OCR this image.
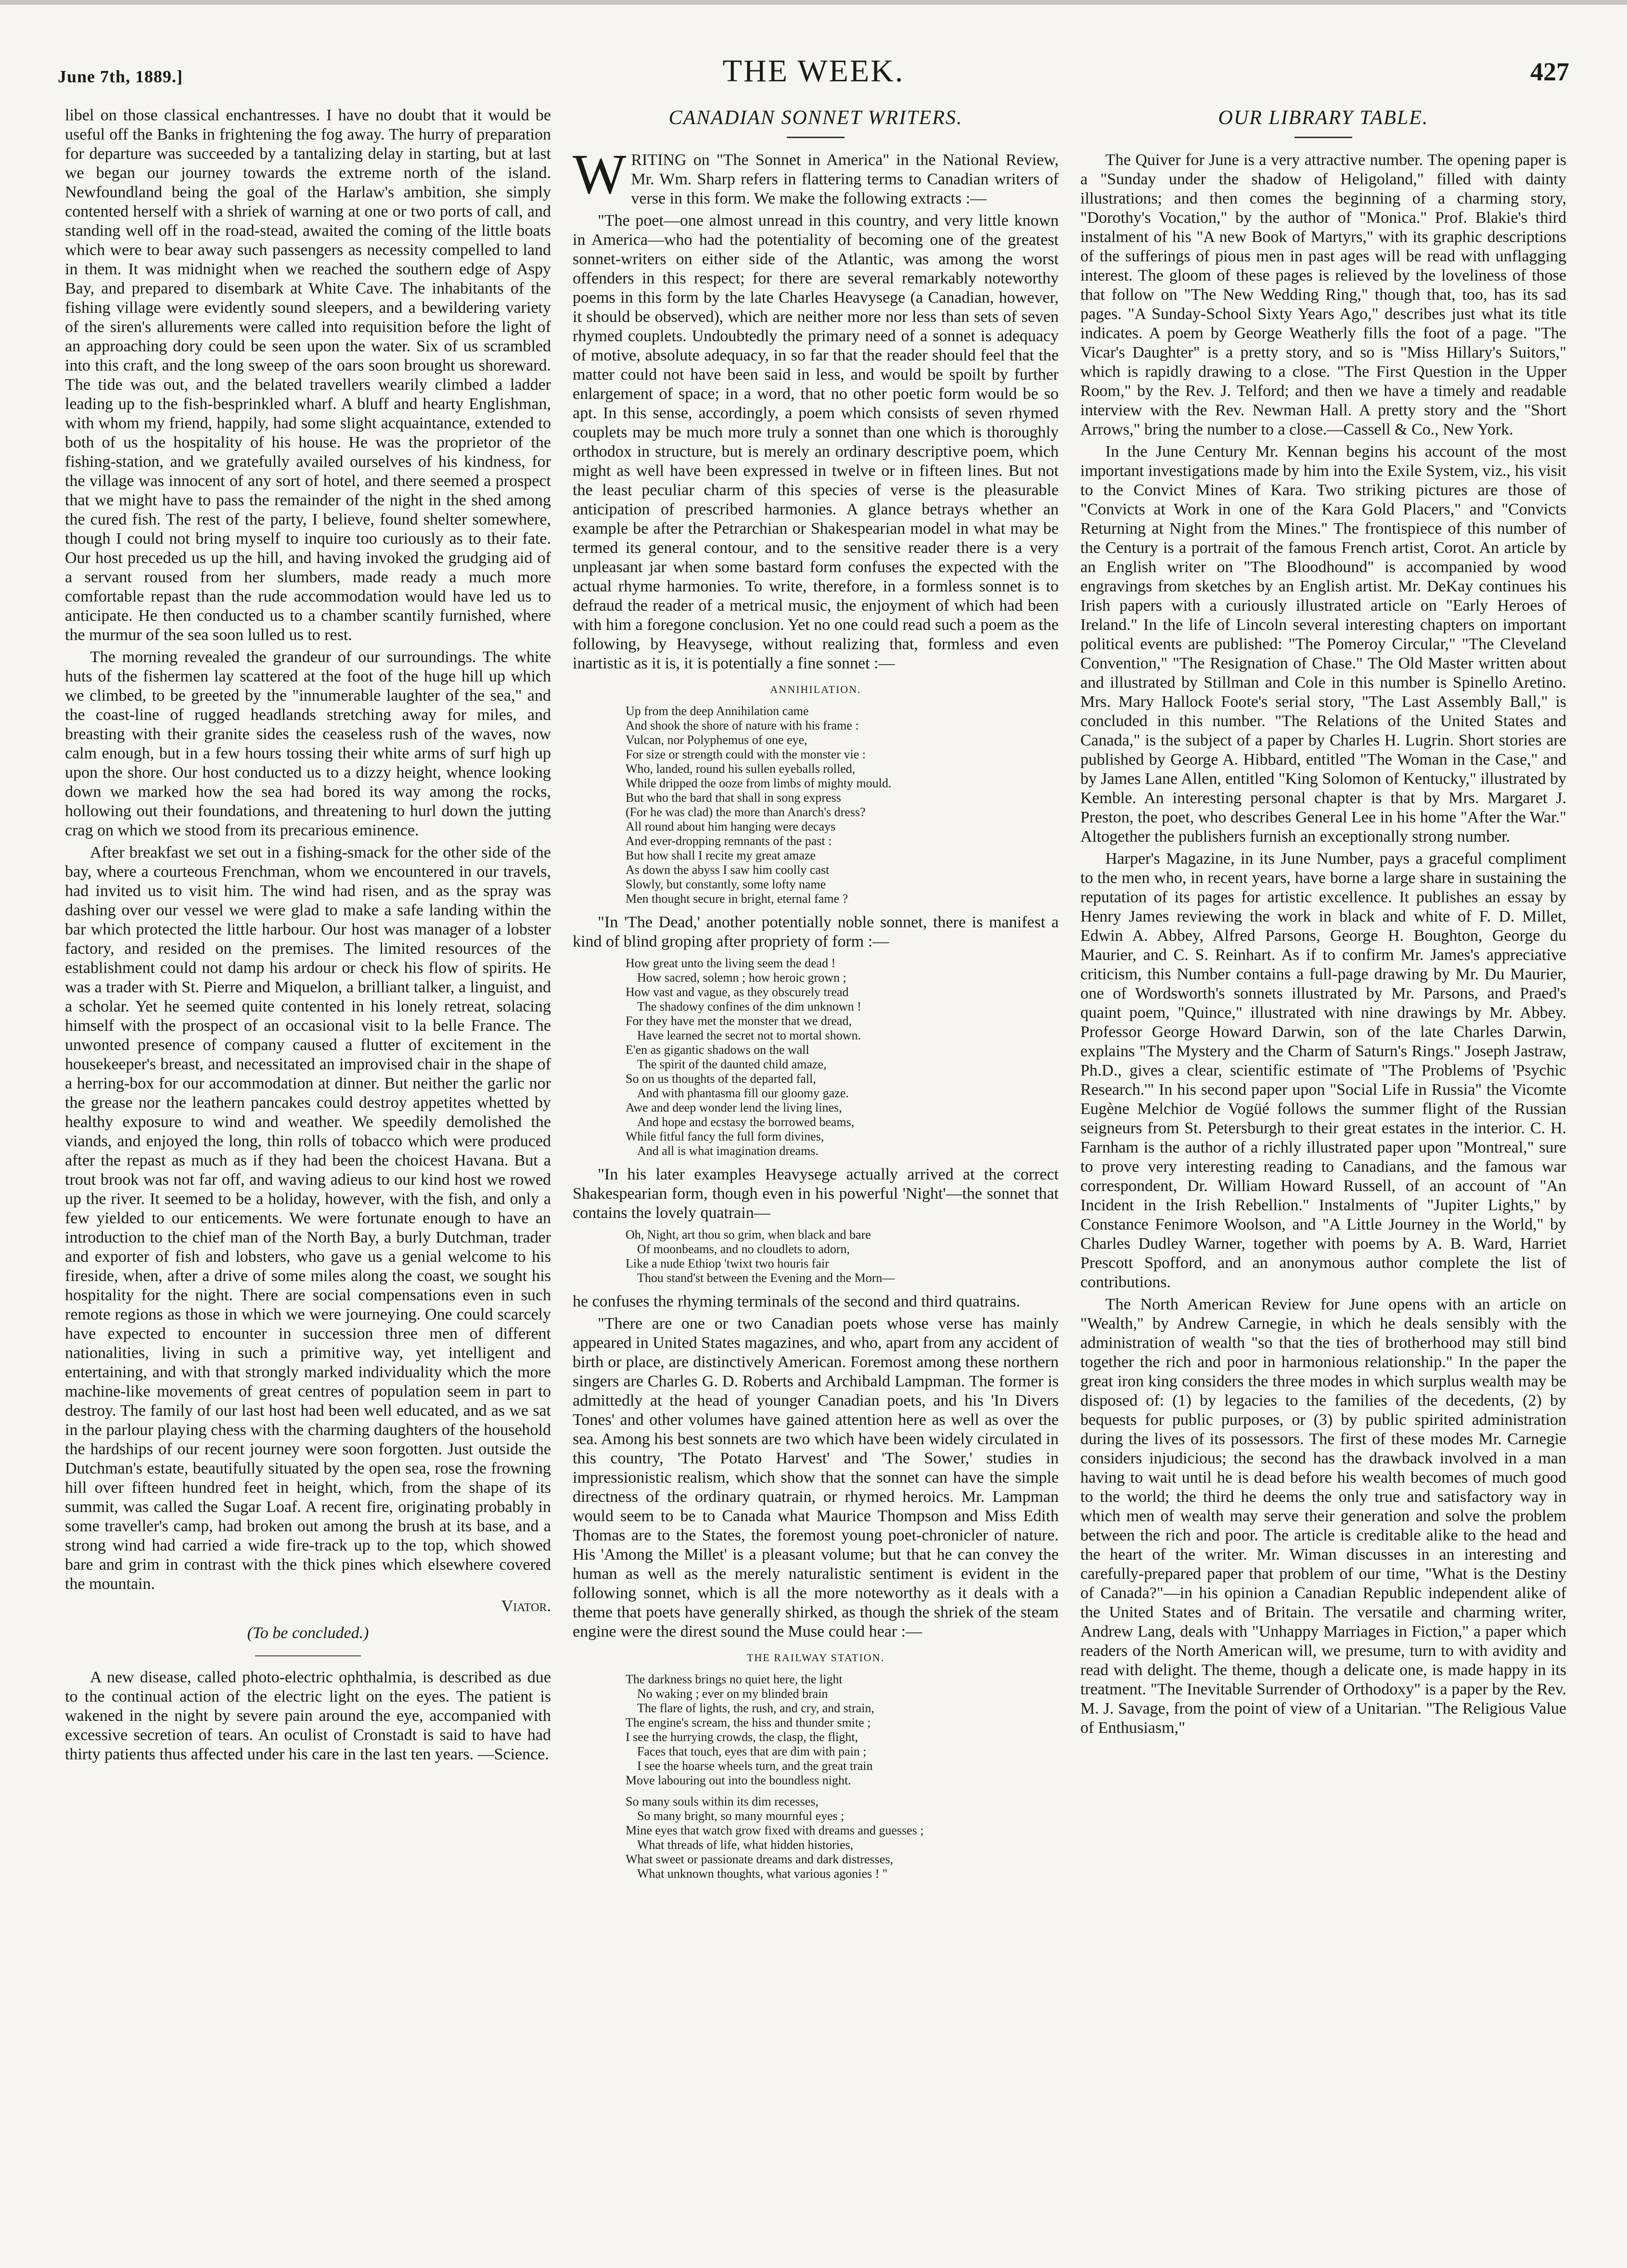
June 7th, 1889.]	THE WEEK.	427

libel on those classical enchantresses. I have no doubt that it would be useful off the Banks in frightening the fog away. The hurry of preparation for departure was succeeded by a tantalizing delay in starting, but at last we began our journey towards the extreme north of the island. Newfoundland being the goal of the Harlaw's ambition, she simply contented herself with a shriek of warning at one or two ports of call, and standing well off in the road-stead, awaited the coming of the little boats which were to bear away such passengers as necessity compelled to land in them. It was midnight when we reached the southern edge of Aspy Bay, and prepared to disembark at White Cave. The inhabitants of the fishing village were evidently sound sleepers, and a bewildering variety of the siren's allurements were called into requisition before the light of an approaching dory could be seen upon the water. Six of us scrambled into this craft, and the long sweep of the oars soon brought us shoreward. The tide was out, and the belated travellers wearily climbed a ladder leading up to the fish-besprinkled wharf. A bluff and hearty Englishman, with whom my friend, happily, had some slight acquaintance, extended to both of us the hospitality of his house. He was the proprietor of the fishing-station, and we gratefully availed ourselves of his kindness, for the village was innocent of any sort of hotel, and there seemed a prospect that we might have to pass the remainder of the night in the shed among the cured fish. The rest of the party, I believe, found shelter somewhere, though I could not bring myself to inquire too curiously as to their fate. Our host preceded us up the hill, and having invoked the grudging aid of a servant roused from her slumbers, made ready a much more comfortable repast than the rude accommodation would have led us to anticipate. He then conducted us to a chamber scantily furnished, where the murmur of the sea soon lulled us to rest.

The morning revealed the grandeur of our surroundings. The white huts of the fishermen lay scattered at the foot of the huge hill up which we climbed, to be greeted by the "innumerable laughter of the sea," and the coast-line of rugged headlands stretching away for miles, and breasting with their granite sides the ceaseless rush of the waves, now calm enough, but in a few hours tossing their white arms of surf high up upon the shore. Our host conducted us to a dizzy height, whence looking down we marked how the sea had bored its way among the rocks, hollowing out their foundations, and threatening to hurl down the jutting crag on which we stood from its precarious eminence.

After breakfast we set out in a fishing-smack for the other side of the bay, where a courteous Frenchman, whom we encountered in our travels, had invited us to visit him. The wind had risen, and as the spray was dashing over our vessel we were glad to make a safe landing within the bar which protected the little harbour. Our host was manager of a lobster factory, and resided on the premises. The limited resources of the establishment could not damp his ardour or check his flow of spirits. He was a trader with St. Pierre and Miquelon, a brilliant talker, a linguist, and a scholar. Yet he seemed quite contented in his lonely retreat, solacing himself with the prospect of an occasional visit to la belle France. The unwonted presence of company caused a flutter of excitement in the housekeeper's breast, and necessitated an improvised chair in the shape of a herring-box for our accommodation at dinner. But neither the garlic nor the grease nor the leathern pancakes could destroy appetites whetted by healthy exposure to wind and weather. We speedily demolished the viands, and enjoyed the long, thin rolls of tobacco which were produced after the repast as much as if they had been the choicest Havana. But a trout brook was not far off, and waving adieus to our kind host we rowed up the river. It seemed to be a holiday, however, with the fish, and only a few yielded to our enticements. We were fortunate enough to have an introduction to the chief man of the North Bay, a burly Dutchman, trader and exporter of fish and lobsters, who gave us a genial welcome to his fireside, when, after a drive of some miles along the coast, we sought his hospitality for the night. There are social compensations even in such remote regions as those in which we were journeying. One could scarcely have expected to encounter in succession three men of different nationalities, living in such a primitive way, yet intelligent and entertaining, and with that strongly marked individuality which the more machine-like movements of great centres of population seem in part to destroy. The family of our last host had been well educated, and as we sat in the parlour playing chess with the charming daughters of the household the hardships of our recent journey were soon forgotten. Just outside the Dutchman's estate, beautifully situated by the open sea, rose the frowning hill over fifteen hundred feet in height, which, from the shape of its summit, was called the Sugar Loaf. A recent fire, originating probably in some traveller's camp, had broken out among the brush at its base, and a strong wind had carried a wide fire-track up to the top, which showed bare and grim in contrast with the thick pines which elsewhere covered the mountain.

Viator.
(To be concluded.)

A new disease, called photo-electric ophthalmia, is described as due to the continual action of the electric light on the eyes. The patient is wakened in the night by severe pain around the eye, accompanied with excessive secretion of tears. An oculist of Cronstadt is said to have had thirty patients thus affected under his care in the last ten years. —Science.

CANADIAN SONNET WRITERS.

WRITING on "The Sonnet in America" in the National Review, Mr. Wm. Sharp refers in flattering terms to Canadian writers of verse in this form. We make the following extracts :—

"The poet—one almost unread in this country, and very little known in America—who had the potentiality of becoming one of the greatest sonnet-writers on either side of the Atlantic, was among the worst offenders in this respect; for there are several remarkably noteworthy poems in this form by the late Charles Heavysege (a Canadian, however, it should be observed), which are neither more nor less than sets of seven rhymed couplets. Undoubtedly the primary need of a sonnet is adequacy of motive, absolute adequacy, in so far that the reader should feel that the matter could not have been said in less, and would be spoilt by further enlargement of space; in a word, that no other poetic form would be so apt. In this sense, accordingly, a poem which consists of seven rhymed couplets may be much more truly a sonnet than one which is thoroughly orthodox in structure, but is merely an ordinary descriptive poem, which might as well have been expressed in twelve or in fifteen lines. But not the least peculiar charm of this species of verse is the pleasurable anticipation of prescribed harmonies. A glance betrays whether an example be after the Petrarchian or Shakespearian model in what may be termed its general contour, and to the sensitive reader there is a very unpleasant jar when some bastard form confuses the expected with the actual rhyme harmonies. To write, therefore, in a formless sonnet is to defraud the reader of a metrical music, the enjoyment of which had been with him a foregone conclusion. Yet no one could read such a poem as the following, by Heavysege, without realizing that, formless and even inartistic as it is, it is potentially a fine sonnet :—

ANNIHILATION.
Up from the deep Annihilation came
And shook the shore of nature with his frame :
Vulcan, nor Polyphemus of one eye,
For size or strength could with the monster vie :
Who, landed, round his sullen eyeballs rolled,
While dripped the ooze from limbs of mighty mould.
But who the bard that shall in song express
(For he was clad) the more than Anarch's dress?
All round about him hanging were decays
And ever-dropping remnants of the past :
But how shall I recite my great amaze
As down the abyss I saw him coolly cast
Slowly, but constantly, some lofty name
Men thought secure in bright, eternal fame ?

"In 'The Dead,' another potentially noble sonnet, there is manifest a kind of blind groping after propriety of form :—

How great unto the living seem the dead !
How sacred, solemn ; how heroic grown ;
How vast and vague, as they obscurely tread
The shadowy confines of the dim unknown !
For they have met the monster that we dread,
Have learned the secret not to mortal shown.
E'en as gigantic shadows on the wall
The spirit of the daunted child amaze,
So on us thoughts of the departed fall,
And with phantasma fill our gloomy gaze.
Awe and deep wonder lend the living lines,
And hope and ecstasy the borrowed beams,
While fitful fancy the full form divines,
And all is what imagination dreams.

"In his later examples Heavysege actually arrived at the correct Shakespearian form, though even in his powerful 'Night'—the sonnet that contains the lovely quatrain—

Oh, Night, art thou so grim, when black and bare
Of moonbeams, and no cloudlets to adorn,
Like a nude Ethiop 'twixt two houris fair
Thou stand'st between the Evening and the Morn—

he confuses the rhyming terminals of the second and third quatrains.

"There are one or two Canadian poets whose verse has mainly appeared in United States magazines, and who, apart from any accident of birth or place, are distinctively American. Foremost among these northern singers are Charles G. D. Roberts and Archibald Lampman. The former is admittedly at the head of younger Canadian poets, and his 'In Divers Tones' and other volumes have gained attention here as well as over the sea. Among his best sonnets are two which have been widely circulated in this country, 'The Potato Harvest' and 'The Sower,' studies in impressionistic realism, which show that the sonnet can have the simple directness of the ordinary quatrain, or rhymed heroics. Mr. Lampman would seem to be to Canada what Maurice Thompson and Miss Edith Thomas are to the States, the foremost young poet-chronicler of nature. His 'Among the Millet' is a pleasant volume; but that he can convey the human as well as the merely naturalistic sentiment is evident in the following sonnet, which is all the more noteworthy as it deals with a theme that poets have generally shirked, as though the shriek of the steam engine were the direst sound the Muse could hear :—

THE RAILWAY STATION.
The darkness brings no quiet here, the light
No waking ; ever on my blinded brain
The flare of lights, the rush, and cry, and strain,
The engine's scream, the hiss and thunder smite ;
I see the hurrying crowds, the clasp, the flight,
Faces that touch, eyes that are dim with pain ;
I see the hoarse wheels turn, and the great train
Move labouring out into the boundless night.
So many souls within its dim recesses,
So many bright, so many mournful eyes ;
Mine eyes that watch grow fixed with dreams and guesses ;
What threads of life, what hidden histories,
What sweet or passionate dreams and dark distresses,
What unknown thoughts, what various agonies ! "
OUR LIBRARY TABLE.

The Quiver for June is a very attractive number. The opening paper is a "Sunday under the shadow of Heligoland," filled with dainty illustrations; and then comes the beginning of a charming story, "Dorothy's Vocation," by the author of "Monica." Prof. Blakie's third instalment of his "A new Book of Martyrs," with its graphic descriptions of the sufferings of pious men in past ages will be read with unflagging interest. The gloom of these pages is relieved by the loveliness of those that follow on "The New Wedding Ring," though that, too, has its sad pages. "A Sunday-School Sixty Years Ago," describes just what its title indicates. A poem by George Weatherly fills the foot of a page. "The Vicar's Daughter" is a pretty story, and so is "Miss Hillary's Suitors," which is rapidly drawing to a close. "The First Question in the Upper Room," by the Rev. J. Telford; and then we have a timely and readable interview with the Rev. Newman Hall. A pretty story and the "Short Arrows," bring the number to a close.—Cassell & Co., New York.

In the June Century Mr. Kennan begins his account of the most important investigations made by him into the Exile System, viz., his visit to the Convict Mines of Kara. Two striking pictures are those of "Convicts at Work in one of the Kara Gold Placers," and "Convicts Returning at Night from the Mines." The frontispiece of this number of the Century is a portrait of the famous French artist, Corot. An article by an English writer on "The Bloodhound" is accompanied by wood engravings from sketches by an English artist. Mr. DeKay continues his Irish papers with a curiously illustrated article on "Early Heroes of Ireland." In the life of Lincoln several interesting chapters on important political events are published: "The Pomeroy Circular," "The Cleveland Convention," "The Resignation of Chase." The Old Master written about and illustrated by Stillman and Cole in this number is Spinello Aretino. Mrs. Mary Hallock Foote's serial story, "The Last Assembly Ball," is concluded in this number. "The Relations of the United States and Canada," is the subject of a paper by Charles H. Lugrin. Short stories are published by George A. Hibbard, entitled "The Woman in the Case," and by James Lane Allen, entitled "King Solomon of Kentucky," illustrated by Kemble. An interesting personal chapter is that by Mrs. Margaret J. Preston, the poet, who describes General Lee in his home "After the War." Altogether the publishers furnish an exceptionally strong number.

Harper's Magazine, in its June Number, pays a graceful compliment to the men who, in recent years, have borne a large share in sustaining the reputation of its pages for artistic excellence. It publishes an essay by Henry James reviewing the work in black and white of F. D. Millet, Edwin A. Abbey, Alfred Parsons, George H. Boughton, George du Maurier, and C. S. Reinhart. As if to confirm Mr. James's appreciative criticism, this Number contains a full-page drawing by Mr. Du Maurier, one of Wordsworth's sonnets illustrated by Mr. Parsons, and Praed's quaint poem, "Quince," illustrated with nine drawings by Mr. Abbey. Professor George Howard Darwin, son of the late Charles Darwin, explains "The Mystery and the Charm of Saturn's Rings." Joseph Jastraw, Ph.D., gives a clear, scientific estimate of "The Problems of 'Psychic Research.'" In his second paper upon "Social Life in Russia" the Vicomte Eugène Melchior de Vogüé follows the summer flight of the Russian seigneurs from St. Petersburgh to their great estates in the interior. C. H. Farnham is the author of a richly illustrated paper upon "Montreal," sure to prove very interesting reading to Canadians, and the famous war correspondent, Dr. William Howard Russell, of an account of "An Incident in the Irish Rebellion." Instalments of "Jupiter Lights," by Constance Fenimore Woolson, and "A Little Journey in the World," by Charles Dudley Warner, together with poems by A. B. Ward, Harriet Prescott Spofford, and an anonymous author complete the list of contributions.

The North American Review for June opens with an article on "Wealth," by Andrew Carnegie, in which he deals sensibly with the administration of wealth "so that the ties of brotherhood may still bind together the rich and poor in harmonious relationship." In the paper the great iron king considers the three modes in which surplus wealth may be disposed of: (1) by legacies to the families of the decedents, (2) by bequests for public purposes, or (3) by public spirited administration during the lives of its possessors. The first of these modes Mr. Carnegie considers injudicious; the second has the drawback involved in a man having to wait until he is dead before his wealth becomes of much good to the world; the third he deems the only true and satisfactory way in which men of wealth may serve their generation and solve the problem between the rich and poor. The article is creditable alike to the head and the heart of the writer. Mr. Wiman discusses in an interesting and carefully-prepared paper that problem of our time, "What is the Destiny of Canada?"—in his opinion a Canadian Republic independent alike of the United States and of Britain. The versatile and charming writer, Andrew Lang, deals with "Unhappy Marriages in Fiction," a paper which readers of the North American will, we presume, turn to with avidity and read with delight. The theme, though a delicate one, is made happy in its treatment. "The Inevitable Surrender of Orthodoxy" is a paper by the Rev. M. J. Savage, from the point of view of a Unitarian. "The Religious Value of Enthusiasm,"
